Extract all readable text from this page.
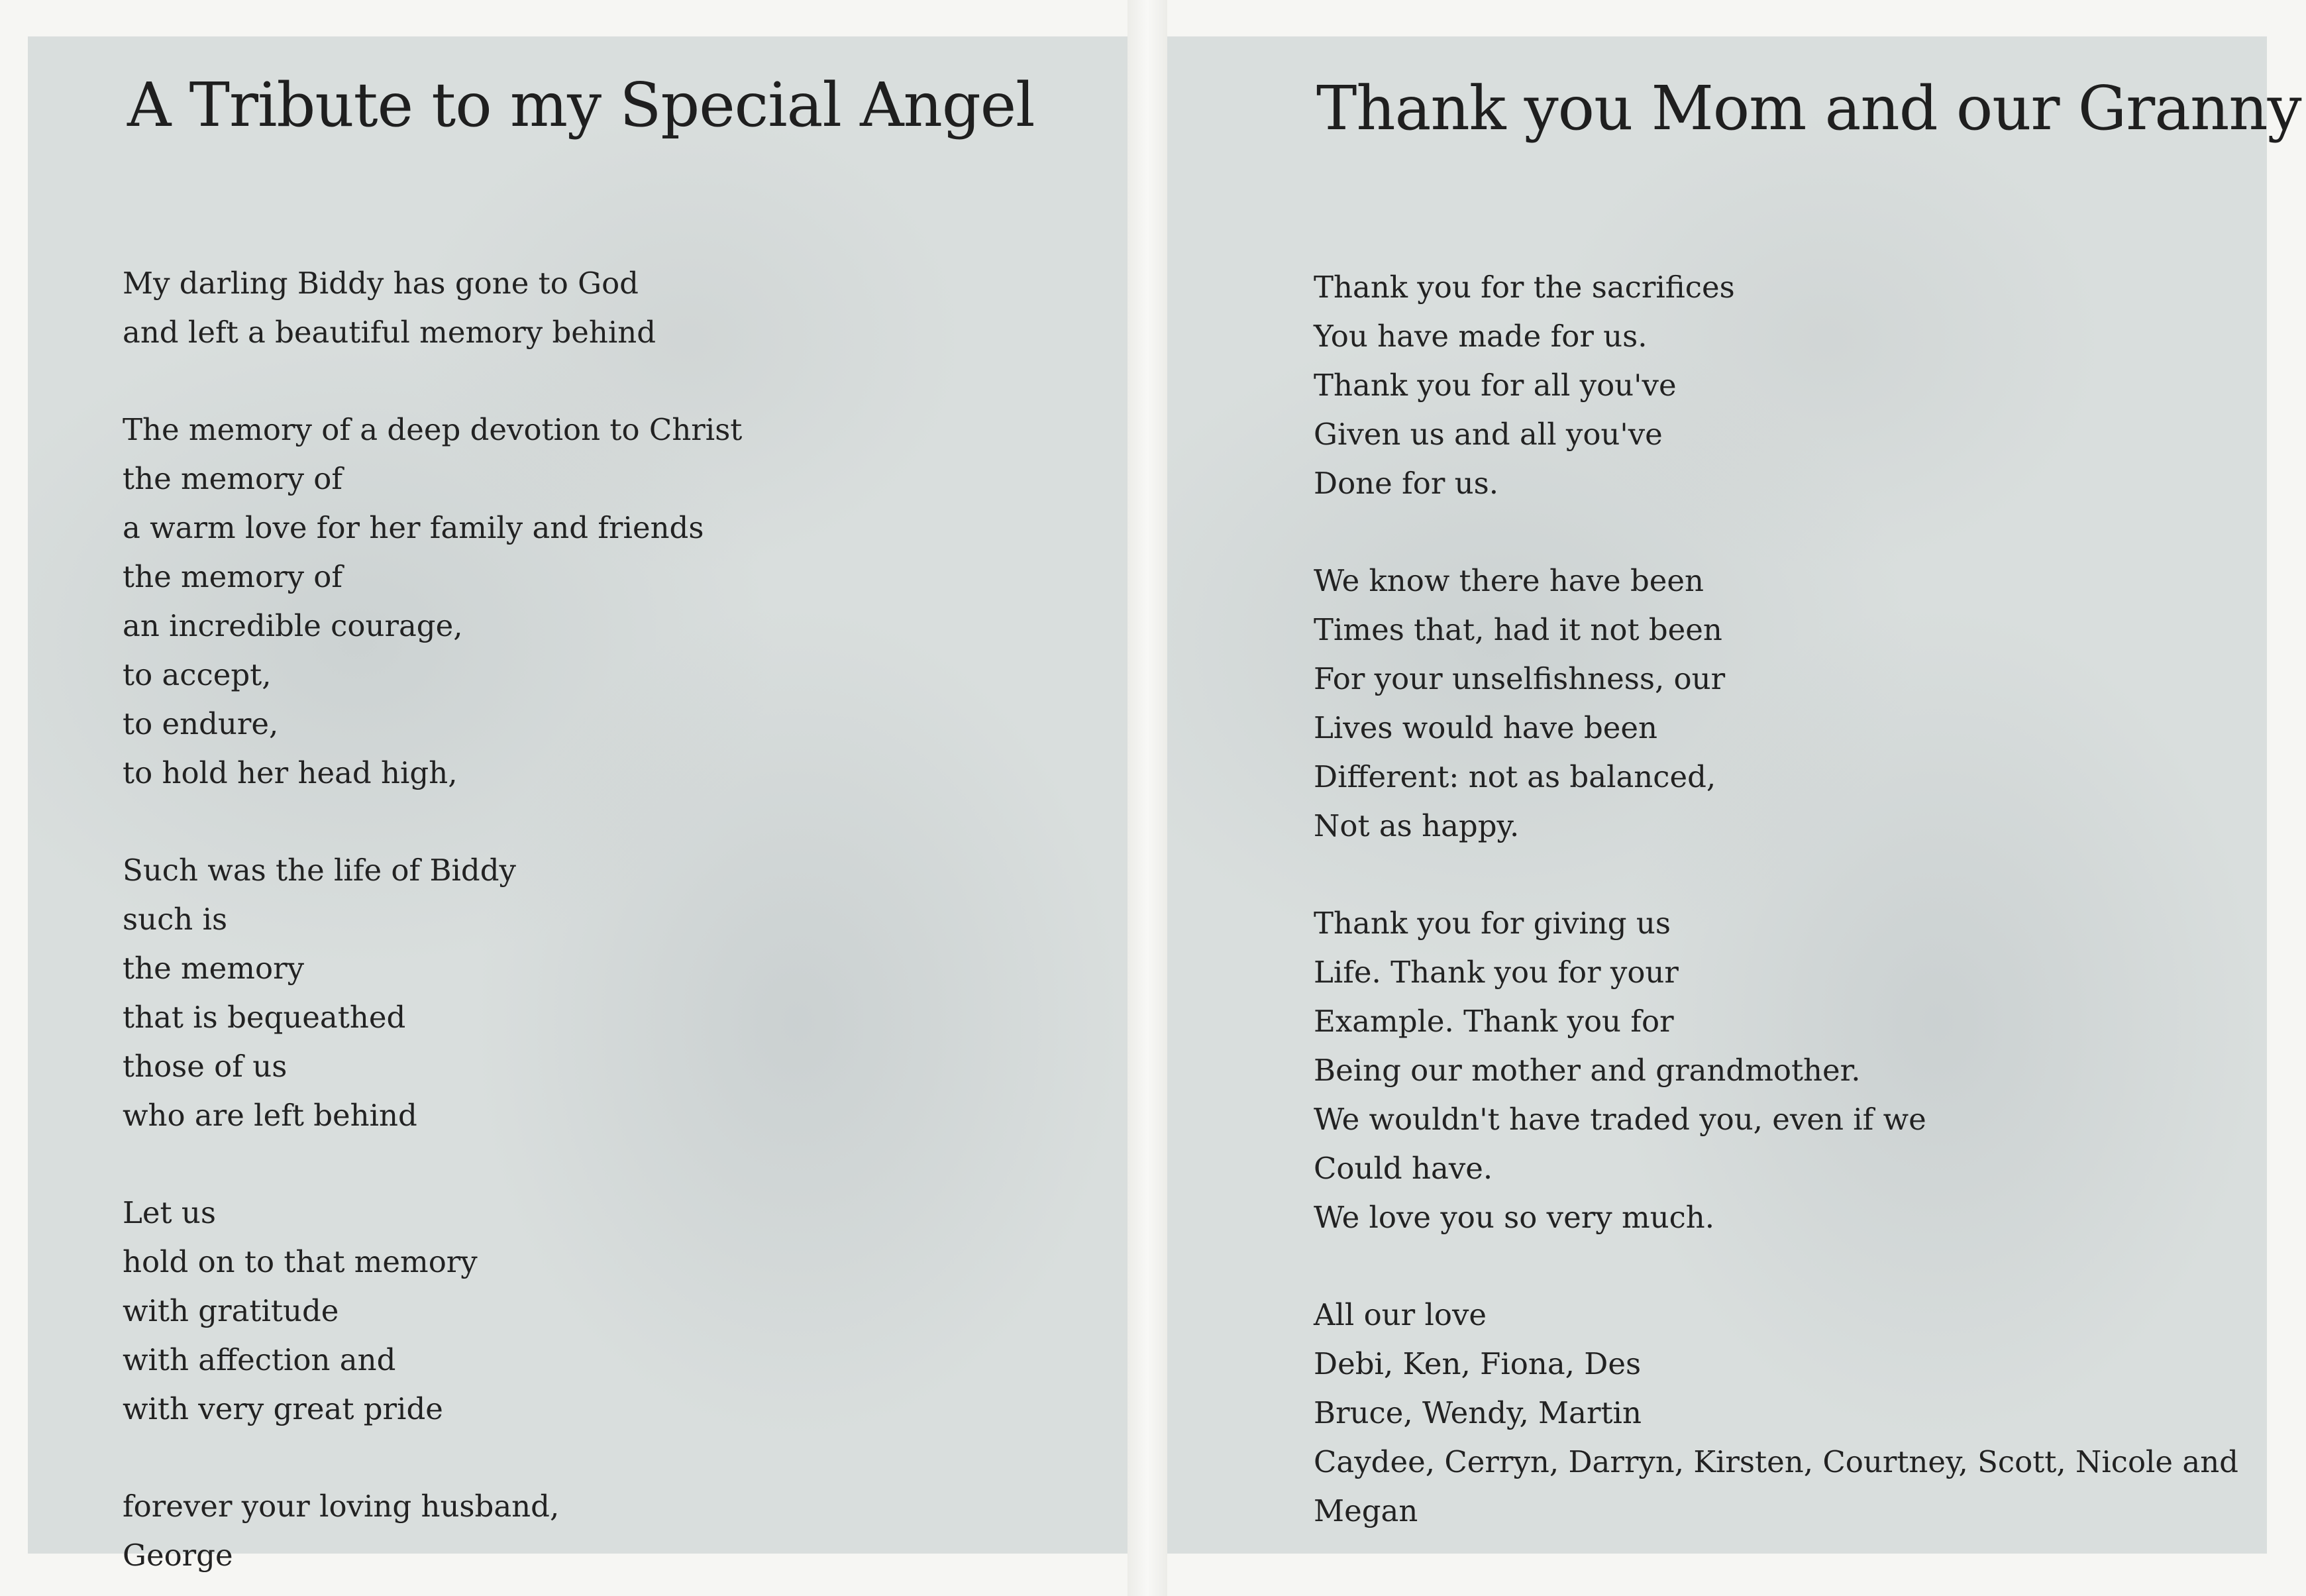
A Tribute to my Special Angel
My darling Biddy has gone to God
and left a beautiful memory behind
The memory of a deep devotion to Christ
the memory of
a warm love for her family and friends
the memory of
an incredible courage,
to accept,
to endure,
to hold her head high,
Such was the life of Biddy
such is
the memory
that is bequeathed
those of us
who are left behind
Let us
hold on to that memory
with gratitude
with affection and
with very great pride
forever your loving husband,
George
Thank you Mom and our Granny
Thank you for the sacrifices
You have made for us.
Thank you for all you've
Given us and all you've
Done for us.
We know there have been
Times that, had it not been
For your unselfishness, our
Lives would have been
Different: not as balanced,
Not as happy.
Thank you for giving us
Life. Thank you for your
Example. Thank you for
Being our mother and grandmother.
We wouldn't have traded you, even if we
Could have.
We love you so very much.
All our love
Debi, Ken, Fiona, Des
Bruce, Wendy, Martin
Caydee, Cerryn, Darryn, Kirsten, Courtney, Scott, Nicole and
Megan
